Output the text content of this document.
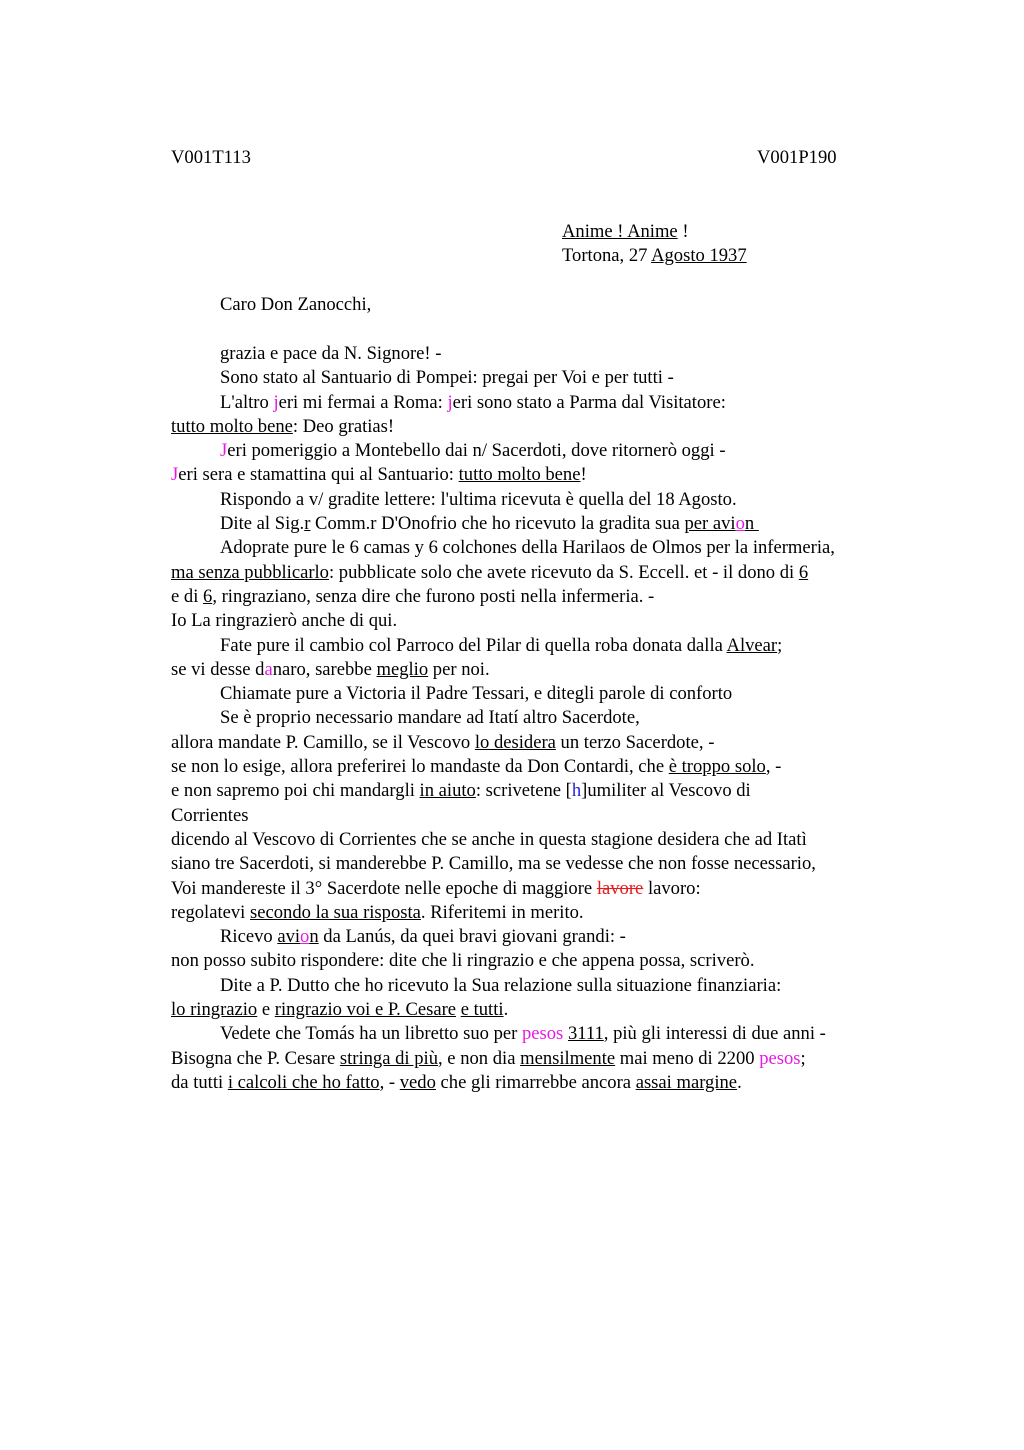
V001T113	V001P190
Anime ! Anime !
Tortona, 27 Agosto 1937
Caro Don Zanocchi,
grazia e pace da N. Signore! -
Sono stato al Santuario di Pompei: pregai per Voi e per tutti -
L'altro jeri mi fermai a Roma: jeri sono stato a Parma dal Visitatore:
tutto molto bene: Deo gratias!
Jeri pomeriggio a Montebello dai n/ Sacerdoti, dove ritornerò oggi -
Jeri sera e stamattina qui al Santuario: tutto molto bene!
Rispondo a v/ gradite lettere: l'ultima ricevuta è quella del 18 Agosto.
Dite al Sig.r Comm.r D'Onofrio che ho ricevuto la gradita sua per avion
Adoprate pure le 6 camas y 6 colchones della Harilaos de Olmos per la infermeria,
ma senza pubblicarlo: pubblicate solo che avete ricevuto da S. Eccell. et - il dono di 6
e di 6, ringraziano, senza dire che furono posti nella infermeria. -
Io La ringrazierò anche di qui.
Fate pure il cambio col Parroco del Pilar di quella roba donata dalla Alvear;
se vi desse danaro, sarebbe meglio per noi.
Chiamate pure a Victoria il Padre Tessari, e ditegli parole di conforto
Se è proprio necessario mandare ad Itatí altro Sacerdote,
allora mandate P. Camillo, se il Vescovo lo desidera un terzo Sacerdote, -
se non lo esige, allora preferirei lo mandaste da Don Contardi, che è troppo solo, -
e non sapremo poi chi mandargli in aiuto: scrivetene [h]umiliter al Vescovo di
Corrientes
dicendo al Vescovo di Corrientes che se anche in questa stagione desidera che ad Itatì
siano tre Sacerdoti, si manderebbe P. Camillo, ma se vedesse che non fosse necessario,
Voi mandereste il 3° Sacerdote nelle epoche di maggiore lavore lavoro:
regolatevi secondo la sua risposta. Riferitemi in merito.
Ricevo avion da Lanús, da quei bravi giovani grandi: -
non posso subito rispondere: dite che li ringrazio e che appena possa, scriverò.
Dite a P. Dutto che ho ricevuto la Sua relazione sulla situazione finanziaria:
lo ringrazio e ringrazio voi e P. Cesare e tutti.
Vedete che Tomás ha un libretto suo per pesos 3111, più gli interessi di due anni -
Bisogna che P. Cesare stringa di più, e non dia mensilmente mai meno di 2200 pesos;
da tutti i calcoli che ho fatto, - vedo che gli rimarrebbe ancora assai margine.
